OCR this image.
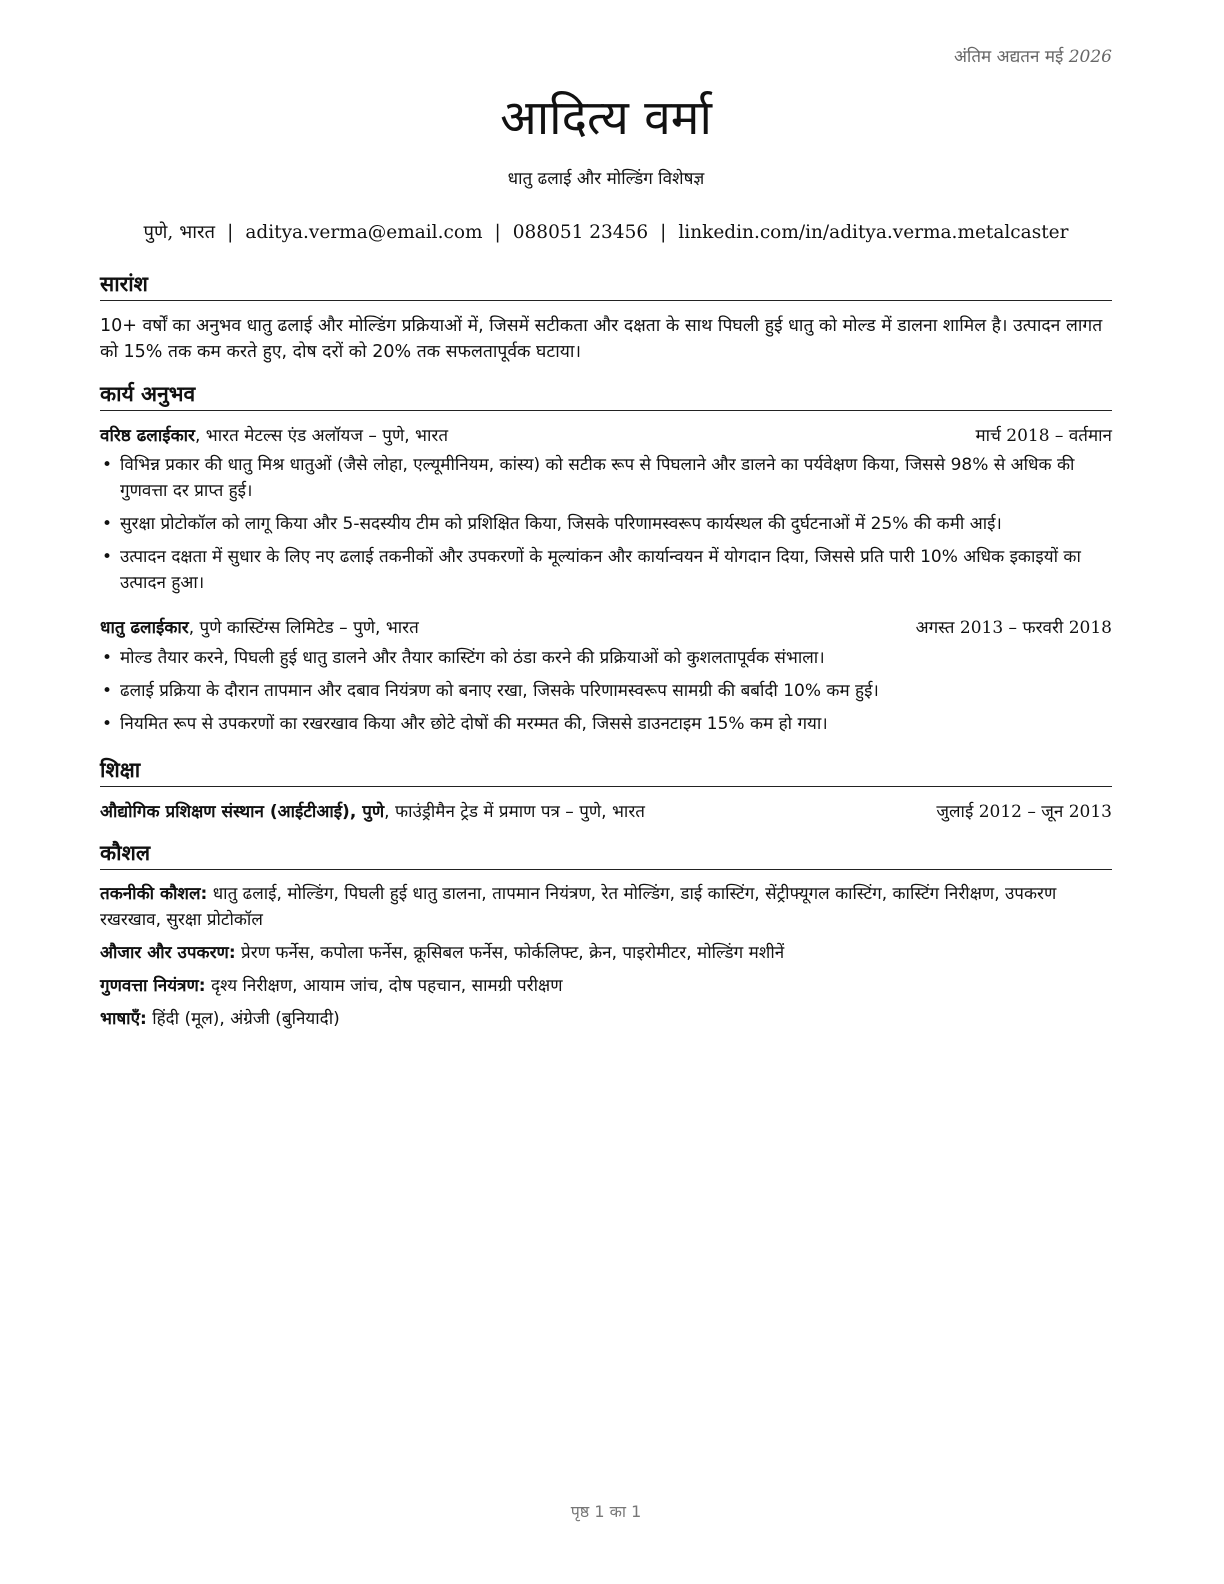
अंतिम अद्यतन मई 2026
आदित्य वर्मा
धातु ढलाई और मोल्डिंग विशेषज्ञ
पुणे, भारत | aditya.verma@email.com | 088051 23456 | linkedin.com/in/aditya.verma.metalcaster
सारांश
10+ वर्षों का अनुभव धातु ढलाई और मोल्डिंग प्रक्रियाओं में, जिसमें सटीकता और दक्षता के साथ पिघली हुई धातु को मोल्ड में डालना शामिल है। उत्पादन लागत को 15% तक कम करते हुए, दोष दरों को 20% तक सफलतापूर्वक घटाया।
कार्य अनुभव
वरिष्ठ ढलाईकार, भारत मेटल्स एंड अलॉयज – पुणे, भारत	मार्च 2018 – वर्तमान
• विभिन्न प्रकार की धातु मिश्र धातुओं (जैसे लोहा, एल्यूमीनियम, कांस्य) को सटीक रूप से पिघलाने और डालने का पर्यवेक्षण किया, जिससे 98% से अधिक की गुणवत्ता दर प्राप्त हुई।
• सुरक्षा प्रोटोकॉल को लागू किया और 5-सदस्यीय टीम को प्रशिक्षित किया, जिसके परिणामस्वरूप कार्यस्थल की दुर्घटनाओं में 25% की कमी आई।
• उत्पादन दक्षता में सुधार के लिए नए ढलाई तकनीकों और उपकरणों के मूल्यांकन और कार्यान्वयन में योगदान दिया, जिससे प्रति पारी 10% अधिक इकाइयों का उत्पादन हुआ।
धातु ढलाईकार, पुणे कास्टिंग्स लिमिटेड – पुणे, भारत	अगस्त 2013 – फरवरी 2018
• मोल्ड तैयार करने, पिघली हुई धातु डालने और तैयार कास्टिंग को ठंडा करने की प्रक्रियाओं को कुशलतापूर्वक संभाला।
• ढलाई प्रक्रिया के दौरान तापमान और दबाव नियंत्रण को बनाए रखा, जिसके परिणामस्वरूप सामग्री की बर्बादी 10% कम हुई।
• नियमित रूप से उपकरणों का रखरखाव किया और छोटे दोषों की मरम्मत की, जिससे डाउनटाइम 15% कम हो गया।
शिक्षा
औद्योगिक प्रशिक्षण संस्थान (आईटीआई), पुणे, फाउंड्रीमैन ट्रेड में प्रमाण पत्र – पुणे, भारत	जुलाई 2012 – जून 2013
कौशल
तकनीकी कौशल: धातु ढलाई, मोल्डिंग, पिघली हुई धातु डालना, तापमान नियंत्रण, रेत मोल्डिंग, डाई कास्टिंग, सेंट्रीफ्यूगल कास्टिंग, कास्टिंग निरीक्षण, उपकरण रखरखाव, सुरक्षा प्रोटोकॉल
औजार और उपकरण: प्रेरण फर्नेस, कपोला फर्नेस, क्रूसिबल फर्नेस, फोर्कलिफ्ट, क्रेन, पाइरोमीटर, मोल्डिंग मशीनें
गुणवत्ता नियंत्रण: दृश्य निरीक्षण, आयाम जांच, दोष पहचान, सामग्री परीक्षण
भाषाएँ: हिंदी (मूल), अंग्रेजी (बुनियादी)
पृष्ठ 1 का 1
